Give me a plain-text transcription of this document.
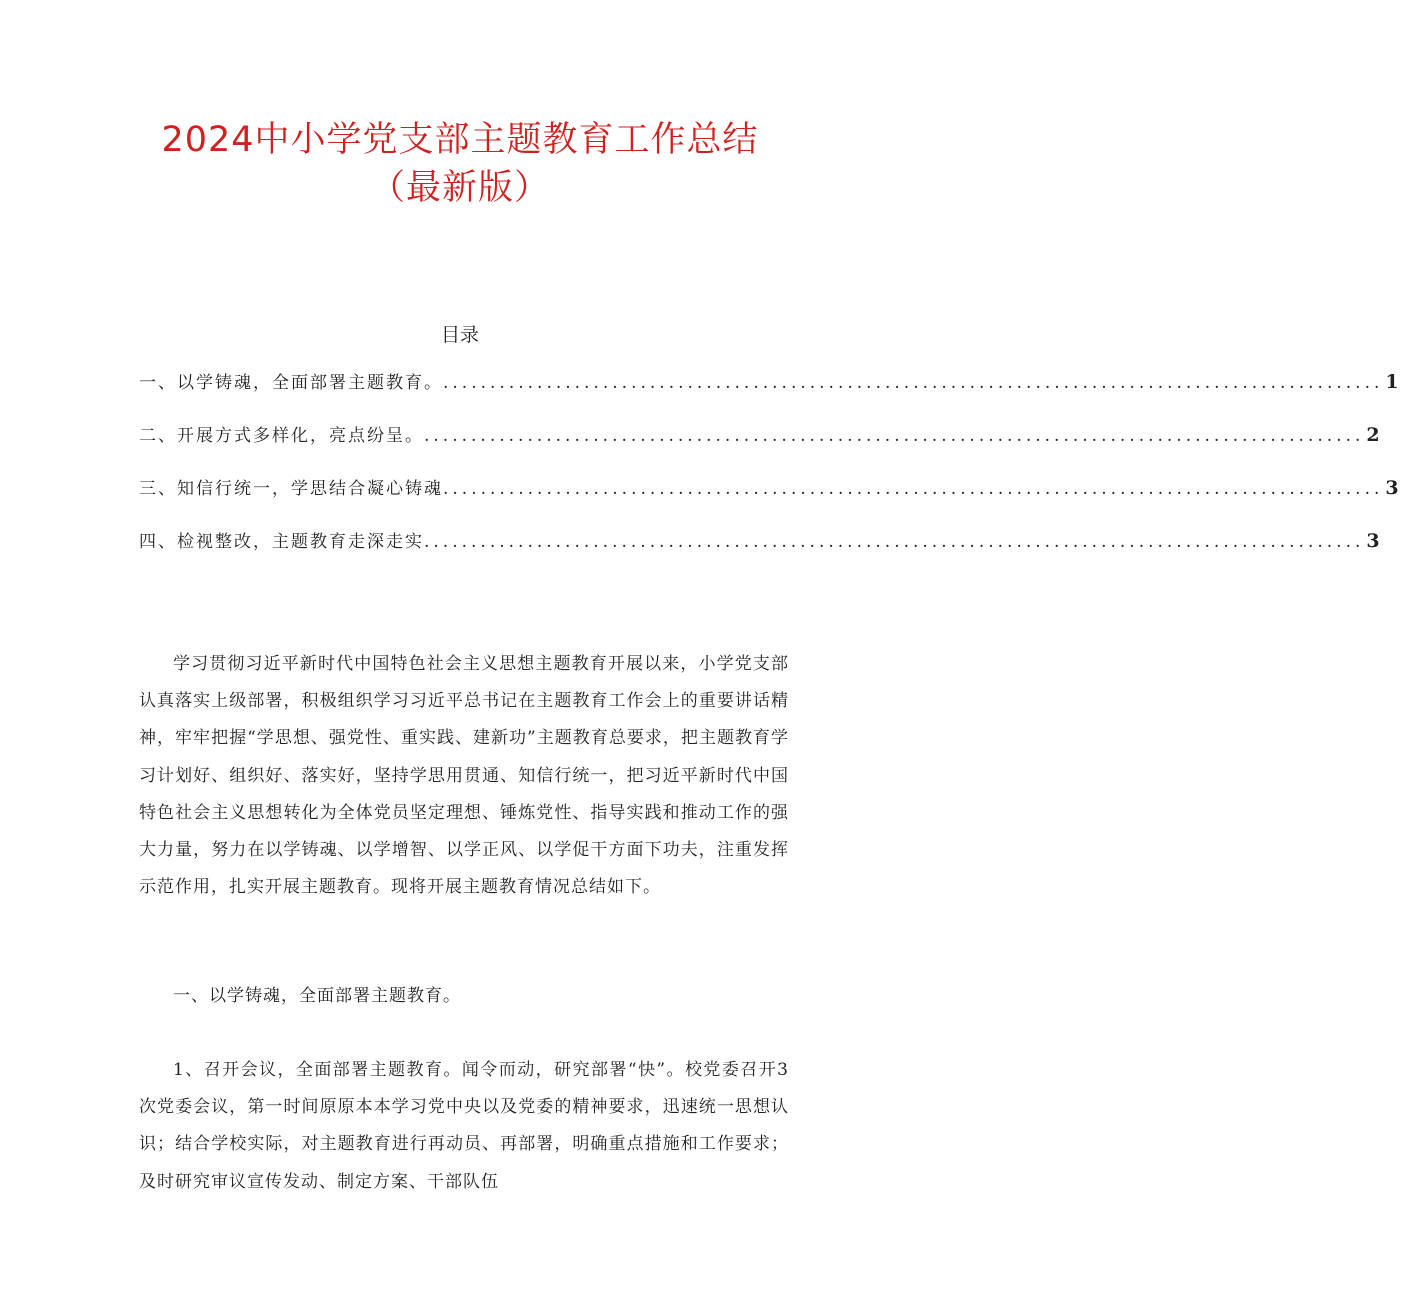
2024中小学党支部主题教育工作总结
（最新版）
目录
一、以学铸魂，全面部署主题教育。 .................................................................................................... 1
二、开展方式多样化，亮点纷呈。 .................................................................................................... 2
三、知信行统一，学思结合凝心铸魂 .................................................................................................... 3
四、检视整改，主题教育走深走实 .................................................................................................... 3

学习贯彻习近平新时代中国特色社会主义思想主题教育开展以来，小学党支部认真落实上级部署，积极组织学习习近平总书记在主题教育工作会上的重要讲话精神，牢牢把握“学思想、强党性、重实践、建新功”主题教育总要求，把主题教育学习计划好、组织好、落实好，坚持学思用贯通、知信行统一，把习近平新时代中国特色社会主义思想转化为全体党员坚定理想、锤炼党性、指导实践和推动工作的强大力量，努力在以学铸魂、以学增智、以学正风、以学促干方面下功夫，注重发挥示范作用，扎实开展主题教育。现将开展主题教育情况总结如下。

一、以学铸魂，全面部署主题教育。

1、召开会议，全面部署主题教育。闻令而动，研究部署“快”。校党委召开3次党委会议，第一时间原原本本学习党中央以及党委的精神要求，迅速统一思想认识；结合学校实际，对主题教育进行再动员、再部署，明确重点措施和工作要求；及时研究审议宣传发动、制定方案、干部队伍
